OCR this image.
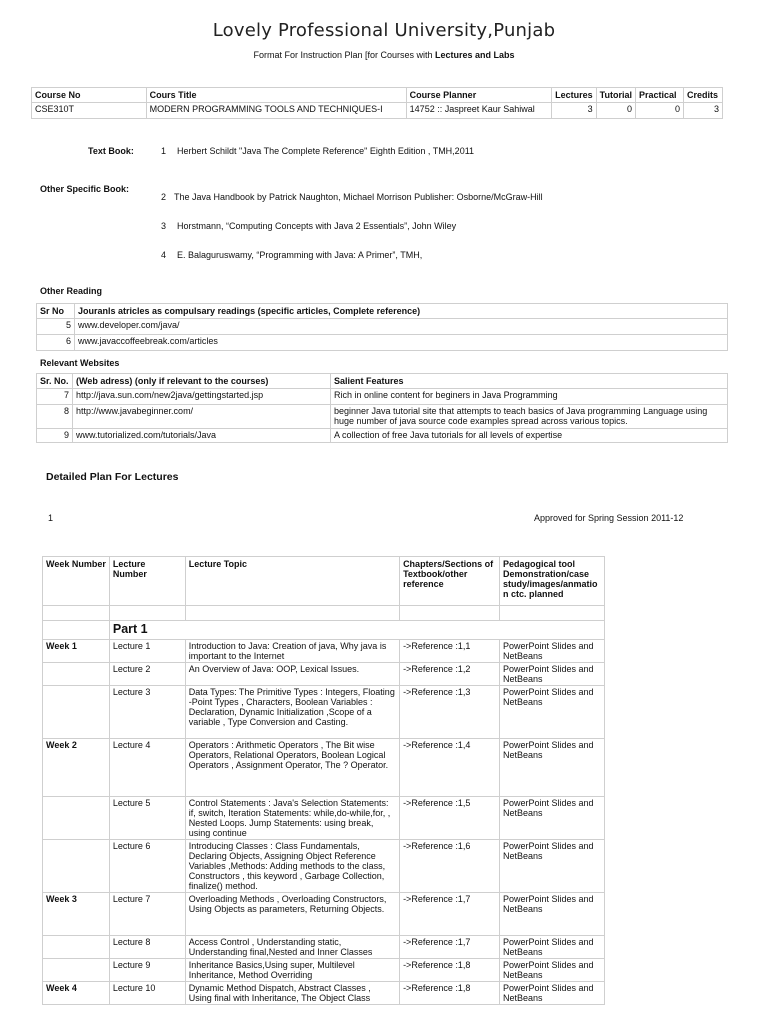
Lovely Professional University,Punjab
Format For Instruction Plan [for Courses with Lectures and Labs
Course No	Cours Title	Course Planner	Lectures	Tutorial	Practical	Credits
CSE310T	MODERN PROGRAMMING TOOLS AND TECHNIQUES-I	14752 :: Jaspreet Kaur Sahiwal	3	0	0	3
Text Book:	1 Herbert Schildt "Java The Complete Reference" Eighth Edition , TMH,2011
Other Specific Book:
2 The Java Handbook by Patrick Naughton, Michael Morrison Publisher: Osborne/McGraw-Hill
3 Horstmann, “Computing Concepts with Java 2 Essentials”, John Wiley
4 E. Balaguruswamy, “Programming with Java: A Primer”, TMH,
Other Reading
Sr No	Jouranls atricles as compulsary readings (specific articles, Complete reference)
5	www.developer.com/java/
6	www.javaccoffeebreak.com/articles
Relevant Websites
Sr. No.	(Web adress) (only if relevant to the courses)	Salient Features
7	http://java.sun.com/new2java/gettingstarted.jsp	Rich in online content for beginers in Java Programming
8	http://www.javabeginner.com/	beginner Java tutorial site that attempts to teach basics of Java programming Language using huge number of java source code examples spread across various topics.
9	www.tutorialized.com/tutorials/Java	A collection of free Java tutorials for all levels of expertise
Detailed Plan For Lectures
1	Approved for Spring Session 2011-12
Week Number	Lecture Number	Lecture Topic	Chapters/Sections of Textbook/other reference	Pedagogical tool Demonstration/case study/images/anmatio n ctc. planned

	Part 1			
Week 1	Lecture 1	Introduction to Java: Creation of java, Why java is important to the Internet	->Reference :1,1	PowerPoint Slides and NetBeans
	Lecture 2	An Overview of Java: OOP, Lexical Issues.	->Reference :1,2	PowerPoint Slides and NetBeans
	Lecture 3	Data Types: The Primitive Types : Integers, Floating -Point Types , Characters, Boolean Variables : Declaration, Dynamic Initialization ,Scope of a variable , Type Conversion and Casting.	->Reference :1,3	PowerPoint Slides and NetBeans
Week 2	Lecture 4	Operators : Arithmetic Operators , The Bit wise Operators, Relational Operators, Boolean Logical Operators , Assignment Operator, The ? Operator.	->Reference :1,4	PowerPoint Slides and NetBeans
	Lecture 5	Control Statements : Java's Selection Statements: if, switch, Iteration Statements: while,do-while,for, , Nested Loops. Jump Statements: using break, using continue	->Reference :1,5	PowerPoint Slides and NetBeans
	Lecture 6	Introducing Classes : Class Fundamentals, Declaring Objects, Assigning Object Reference Variables ,Methods: Adding methods to the class, Constructors , this keyword , Garbage Collection, finalize() method.	->Reference :1,6	PowerPoint Slides and NetBeans
Week 3	Lecture 7	Overloading Methods , Overloading Constructors, Using Objects as parameters, Returning Objects.	->Reference :1,7	PowerPoint Slides and NetBeans
	Lecture 8	Access Control , Understanding static, Understanding final,Nested and Inner Classes	->Reference :1,7	PowerPoint Slides and NetBeans
	Lecture 9	Inheritance Basics,Using super, Multilevel Inheritance, Method Overriding	->Reference :1,8	PowerPoint Slides and NetBeans
Week 4	Lecture 10	Dynamic Method Dispatch, Abstract Classes , Using final with Inheritance, The Object Class	->Reference :1,8	PowerPoint Slides and NetBeans
